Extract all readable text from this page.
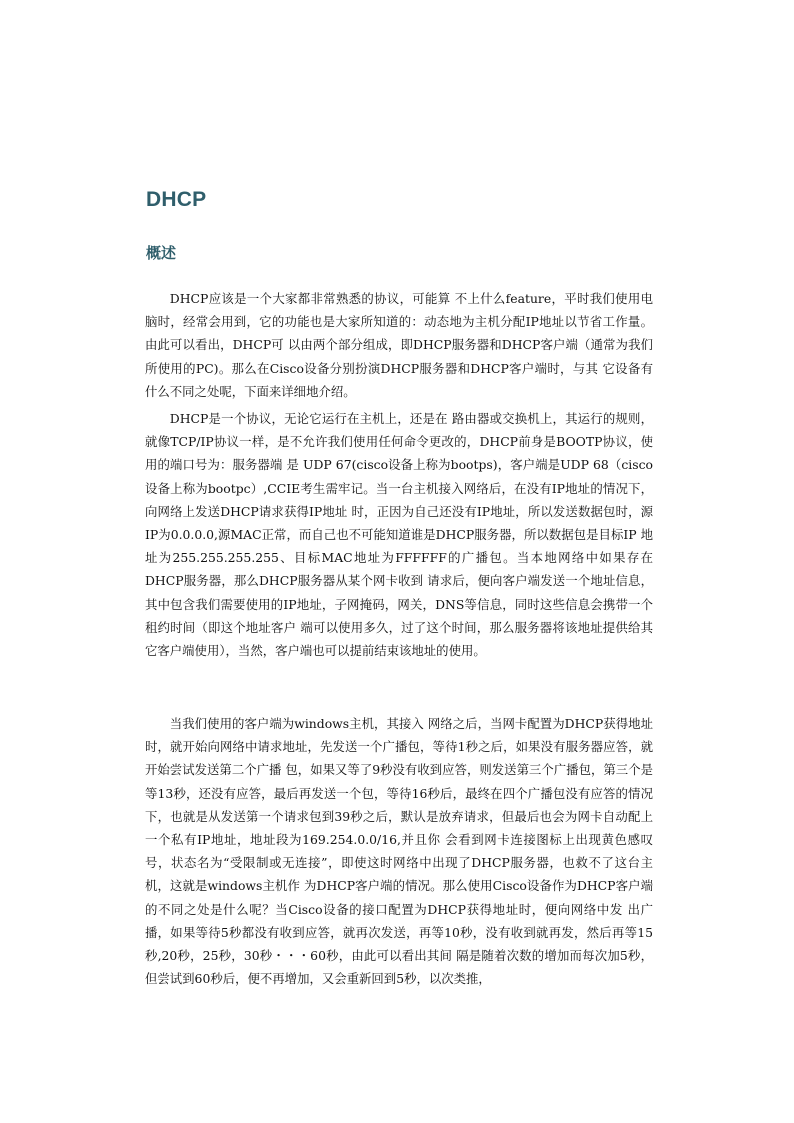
DHCP
概述

DHCP应该是一个大家都非常熟悉的协议，可能算 不上什么feature，平时我们使用电脑时，经常会用到，它的功能也是大家所知道的：动态地为主机分配IP地址以节省工作量。由此可以看出，DHCP可 以由两个部分组成，即DHCP服务器和DHCP客户端（通常为我们所使用的PC)。那么在Cisco设备分别扮演DHCP服务器和DHCP客户端时，与其 它设备有什么不同之处呢，下面来详细地介绍。

DHCP是一个协议，无论它运行在主机上，还是在 路由器或交换机上，其运行的规则，就像TCP/IP协议一样，是不允许我们使用任何命令更改的，DHCP前身是BOOTP协议，使用的端口号为：服务器端 是 UDP 67(cisco设备上称为bootps)，客户端是UDP 68（cisco设备上称为bootpc）,CCIE考生需牢记。当一台主机接入网络后，在没有IP地址的情况下，向网络上发送DHCP请求获得IP地址 时，正因为自己还没有IP地址，所以发送数据包时，源IP为0.0.0.0,源MAC正常，而自己也不可能知道谁是DHCP服务器，所以数据包是目标IP 地址为255.255.255.255、目标MAC地址为FFFFFF的广播包。当本地网络中如果存在DHCP服务器，那么DHCP服务器从某个网卡收到 请求后，便向客户端发送一个地址信息，其中包含我们需要使用的IP地址，子网掩码，网关，DNS等信息，同时这些信息会携带一个租约时间（即这个地址客户 端可以使用多久，过了这个时间，那么服务器将该地址提供给其它客户端使用），当然，客户端也可以提前结束该地址的使用。

当我们使用的客户端为windows主机，其接入 网络之后，当网卡配置为DHCP获得地址时，就开始向网络中请求地址，先发送一个广播包，等待1秒之后，如果没有服务器应答，就开始尝试发送第二个广播 包，如果又等了9秒没有收到应答，则发送第三个广播包，第三个是等13秒，还没有应答，最后再发送一个包，等待16秒后，最终在四个广播包没有应答的情况 下，也就是从发送第一个请求包到39秒之后，默认是放弃请求，但最后也会为网卡自动配上一个私有IP地址，地址段为169.254.0.0/16,并且你 会看到网卡连接图标上出现黄色感叹号，状态名为“受限制或无连接”，即使这时网络中出现了DHCP服务器，也救不了这台主机，这就是windows主机作 为DHCP客户端的情况。那么使用Cisco设备作为DHCP客户端的不同之处是什么呢？当Cisco设备的接口配置为DHCP获得地址时，便向网络中发 出广播，如果等待5秒都没有收到应答，就再次发送，再等10秒，没有收到就再发，然后再等15秒,20秒，25秒，30秒・・・60秒，由此可以看出其间 隔是随着次数的增加而每次加5秒，但尝试到60秒后，便不再增加，又会重新回到5秒，以次类推，
